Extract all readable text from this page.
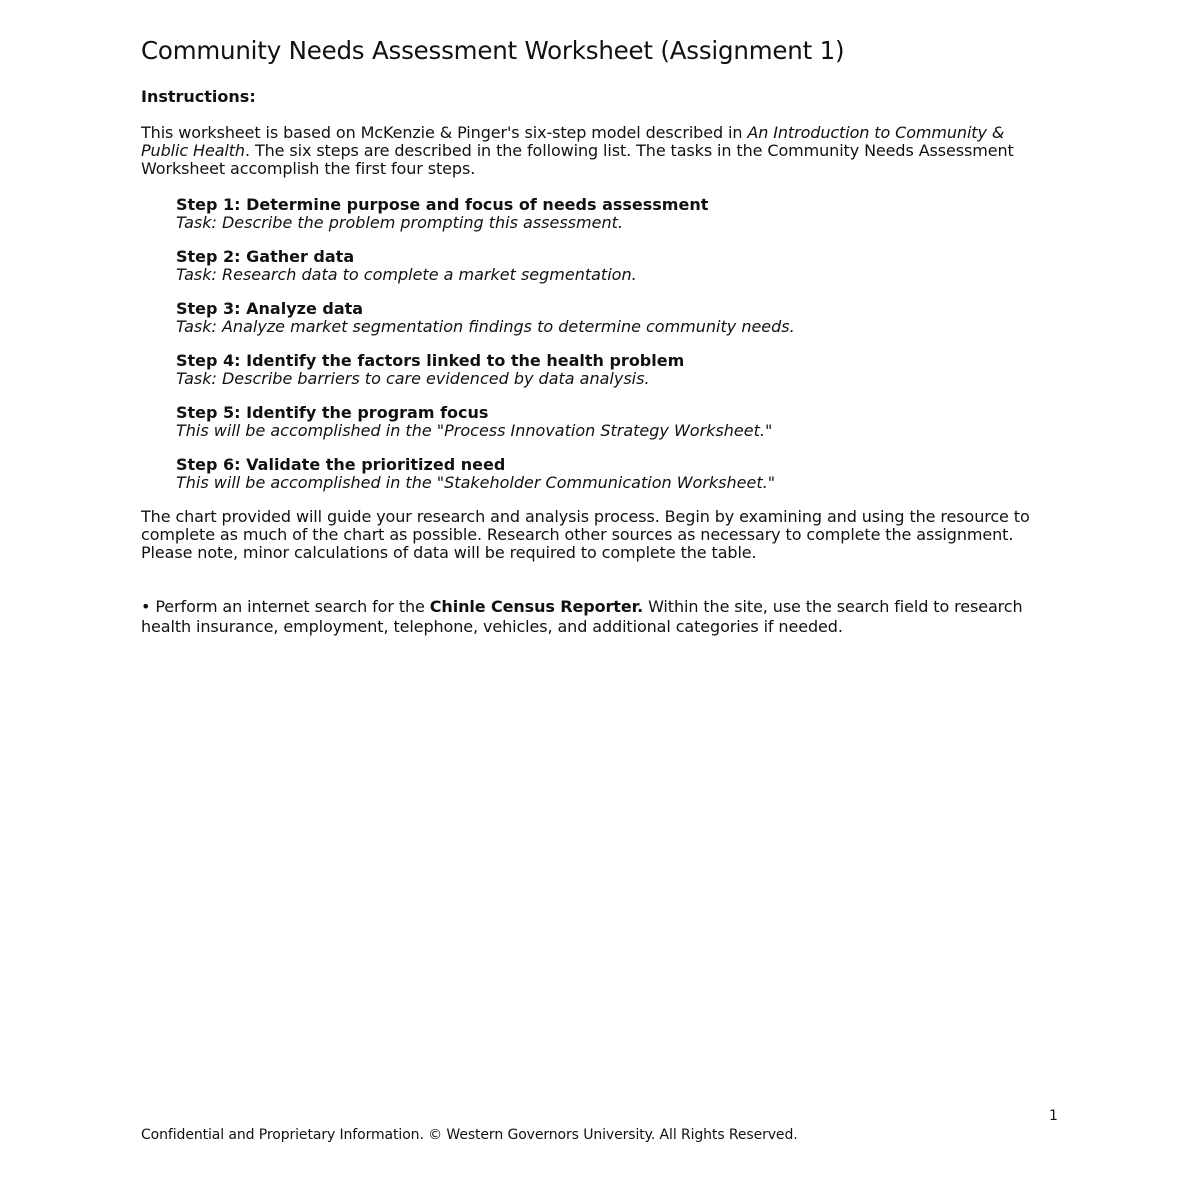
Community Needs Assessment Worksheet (Assignment 1)
Instructions:

This worksheet is based on McKenzie & Pinger's six-step model described in An Introduction to Community & Public Health. The six steps are described in the following list. The tasks in the Community Needs Assessment Worksheet accomplish the first four steps.

Step 1: Determine purpose and focus of needs assessment
Task: Describe the problem prompting this assessment.
Step 2: Gather data
Task: Research data to complete a market segmentation.
Step 3: Analyze data
Task: Analyze market segmentation findings to determine community needs.
Step 4: Identify the factors linked to the health problem
Task: Describe barriers to care evidenced by data analysis.
Step 5: Identify the program focus
This will be accomplished in the "Process Innovation Strategy Worksheet."
Step 6: Validate the prioritized need
This will be accomplished in the "Stakeholder Communication Worksheet."

The chart provided will guide your research and analysis process. Begin by examining and using the resource to complete as much of the chart as possible. Research other sources as necessary to complete the assignment. Please note, minor calculations of data will be required to complete the table.

• Perform an internet search for the Chinle Census Reporter. Within the site, use the search field to research health insurance, employment, telephone, vehicles, and additional categories if needed.

1
Confidential and Proprietary Information. © Western Governors University. All Rights Reserved.
